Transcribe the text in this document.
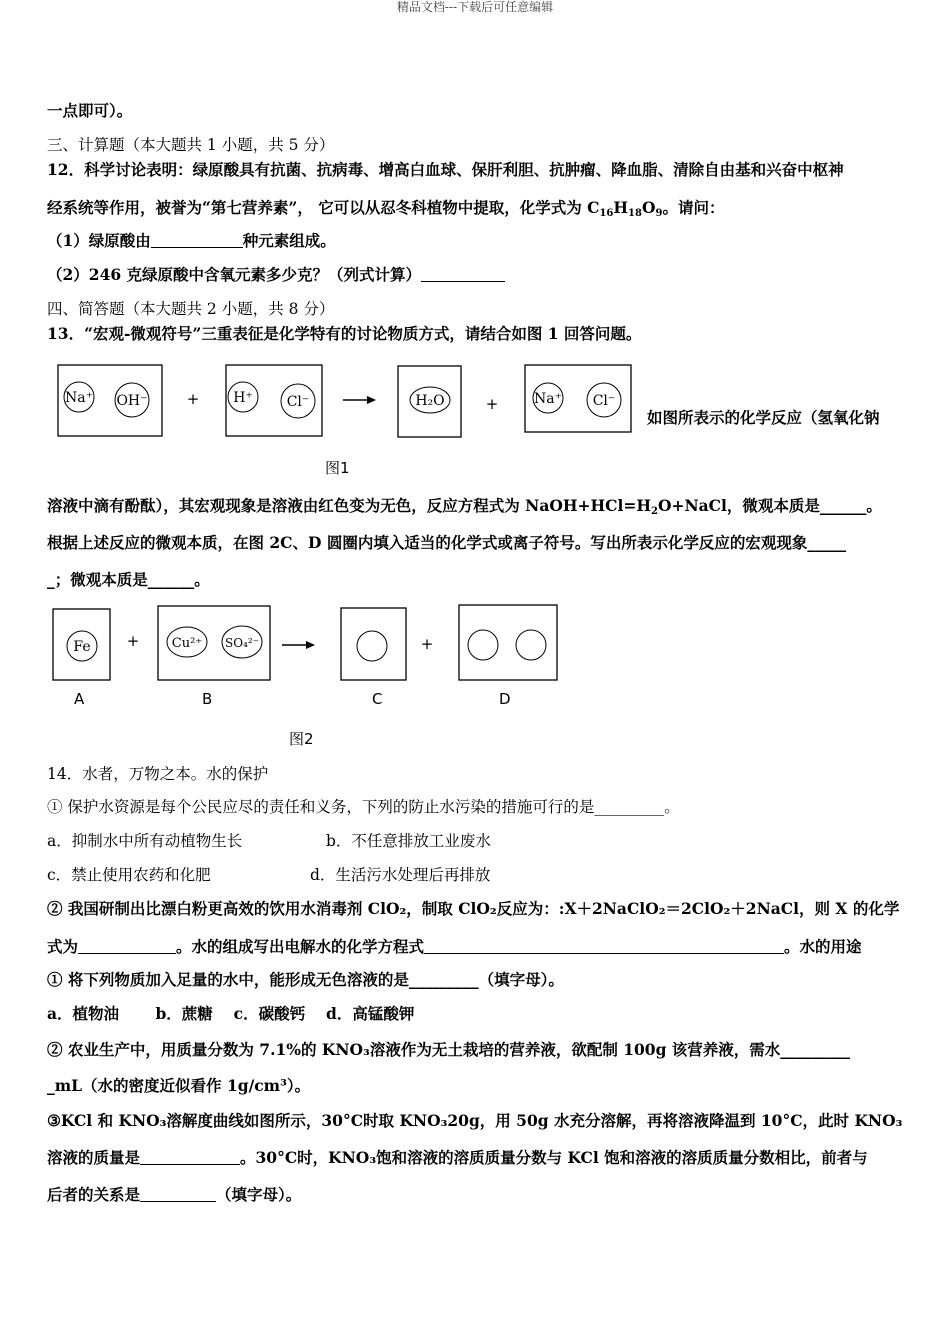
精品文档---下载后可任意编辑
一点即可）。
三、计算题（本大题共 1 小题，共 5 分）
12．科学讨论表明：绿原酸具有抗菌、抗病毒、增高白血球、保肝利胆、抗肿瘤、降血脂、清除自由基和兴奋中枢神
经系统等作用，被誉为“第七营养素”， 它可以从忍冬科植物中提取，化学式为 $C_{16}H_{18}O_9$。请问：
（1）绿原酸由	种元素组成。
（2）246 克绿原酸中含氧元素多少克？（列式计算）
四、简答题（本大题共 2 小题，共 8 分）
13．“宏观-微观符号”三重表征是化学特有的讨论物质方式，请结合如图 1 回答问题。
Na⁺ OH⁻	+ H⁺ Cl⁻	H₂O	+	Na⁺ Cl⁻
如图所表示的化学反应（氢氧化钠
图1
溶液中滴有酚酞），其宏观现象是溶液由红色变为无色，反应方程式为 $NaOH+HCl=H_2O+NaCl$，微观本质是______。
根据上述反应的微观本质，在图 2C、D 圆圈内填入适当的化学式或离子符号。写出所表示化学反应的宏观现象_____
_；微观本质是______。
Fe +	Cu²⁺ SO₄²⁻	+
A	B	C	D
图2
14．水者，万物之本。水的保护
① 保护水资源是每个公民应尽的责任和义务，下列的防止水污染的措施可行的是_________。
a．抑制水中所有动植物生长	b．不任意排放工业废水
c．禁止使用农药和化肥	d．生活污水处理后再排放
② 我国研制出比漂白粉更高效的饮用水消毒剂 ClO₂，制取 ClO₂反应为：:X＋2NaClO₂＝2ClO₂＋2NaCl，则 X 的化学
式为	。水的组成写出电解水的化学方程式	。水的用途
① 将下列物质加入足量的水中，能形成无色溶液的是_________（填字母）。
a．植物油　　 b．蔗糖　 c．碳酸钙　 d．高锰酸钾
② 农业生产中，用质量分数为 7.1%的 KNO₃溶液作为无土栽培的营养液，欲配制 100g 该营养液，需水_________
_mL（水的密度近似看作 1g/cm³）。
③KCl 和 KNO₃溶解度曲线如图所示，30°C时取 KNO₃20g，用 50g 水充分溶解，再将溶液降温到 10°C，此时 KNO₃
溶液的质量是	。30°C时，KNO₃饱和溶液的溶质质量分数与 KCl 饱和溶液的溶质质量分数相比，前者与
后者的关系是	（填字母）。
